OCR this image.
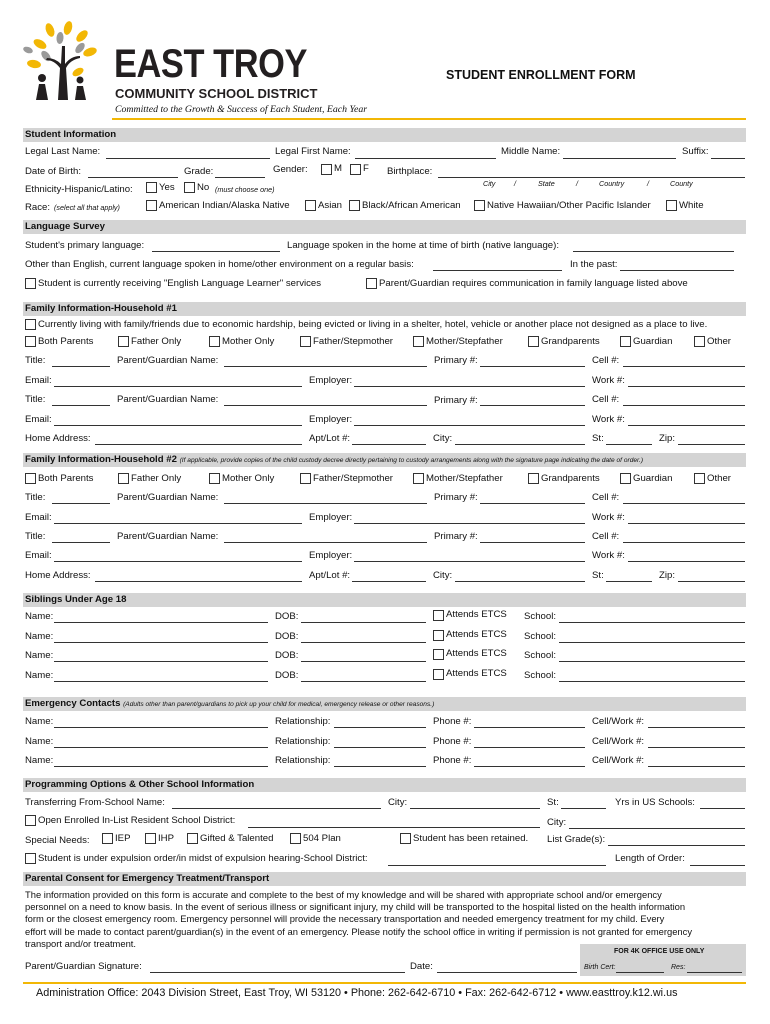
EAST TROY
COMMUNITY SCHOOL DISTRICT
Committed to the Growth & Success of Each Student, Each Year
STUDENT ENROLLMENT FORM
Student Information
Legal Last Name:	Legal First Name:	Middle Name:	Suffix:
Date of Birth:	Grade:	Gender:	M F Birthplace:
City	/	State	/	Country	/	County
Ethnicity-Hispanic/Latino:	Yes No (must choose one)
Race: (select all that apply)	American Indian/Alaska Native	Asian Black/African American	Native Hawaiian/Other Pacific Islander	White
Language Survey
Student's primary language:	Language spoken in the home at time of birth (native language):
Other than English, current language spoken in home/other environment on a regular basis:	In the past:
Student is currently receiving "English Language Learner" services	Parent/Guardian requires communication in family language listed above
Family Information-Household #1
Currently living with family/friends due to economic hardship, being evicted or living in a shelter, hotel, vehicle or another place not designed as a place to live.
Both Parents	Father Only	Mother Only	Father/Stepmother	Mother/Stepfather	Grandparents	Guardian	Other
Title:	Parent/Guardian Name:	Primary #:	Cell #:
Email:	Employer:	Work #:
Title:	Parent/Guardian Name:	Primary #:	Cell #:
Email:	Employer:	Work #:
Home Address:	Apt/Lot #:	City:	St:	Zip:
Family Information-Household #2 (If applicable, provide copies of the child custody decree directly pertaining to custody arrangements along with the signature page indicating the date of order.)
Both Parents	Father Only	Mother Only	Father/Stepmother	Mother/Stepfather	Grandparents	Guardian	Other
Title:	Parent/Guardian Name:	Primary #:	Cell #:
Email:	Employer:	Work #:
Title:	Parent/Guardian Name:	Primary #:	Cell #:
Email:	Employer:	Work #:
Home Address:	Apt/Lot #:	City:	St:	Zip:
Siblings Under Age 18
Name:	DOB:	Attends ETCS School:
Name:	DOB:	Attends ETCS School:
Name:	DOB:	Attends ETCS School:
Name:	DOB:	Attends ETCS School:
Emergency Contacts (Adults other than parent/guardians to pick up your child for medical, emergency release or other reasons.)
Name:	Relationship:	Phone #:	Cell/Work #:
Name:	Relationship:	Phone #:	Cell/Work #:
Name:	Relationship:	Phone #:	Cell/Work #:
Programming Options & Other School Information
Transferring From-School Name:	City:	St:	Yrs in US Schools:
Open Enrolled In-List Resident School District:	City:
Special Needs:	IEP	IHP	Gifted & Talented	504 Plan	Student has been retained. List Grade(s):
Student is under expulsion order/in midst of expulsion hearing-School District:	Length of Order:
Parental Consent for Emergency Treatment/Transport
The information provided on this form is accurate and complete to the best of my knowledge and will be shared with appropriate school and/or emergency
personnel on a need to know basis. In the event of serious illness or significant injury, my child will be transported to the hospital listed on the health information
form or the closest emergency room. Emergency personnel will provide the necessary transportation and needed emergency treatment for my child. Every
effort will be made to contact parent/guardian(s) in the event of an emergency. Please notify the school office in writing if permission is not granted for emergency
transport and/or treatment.
FOR 4K OFFICE USE ONLY
Birth Cert:	Res:
Parent/Guardian Signature:	Date:
Administration Office: 2043 Division Street, East Troy, WI 53120 • Phone: 262-642-6710 • Fax: 262-642-6712 • www.easttroy.k12.wi.us
